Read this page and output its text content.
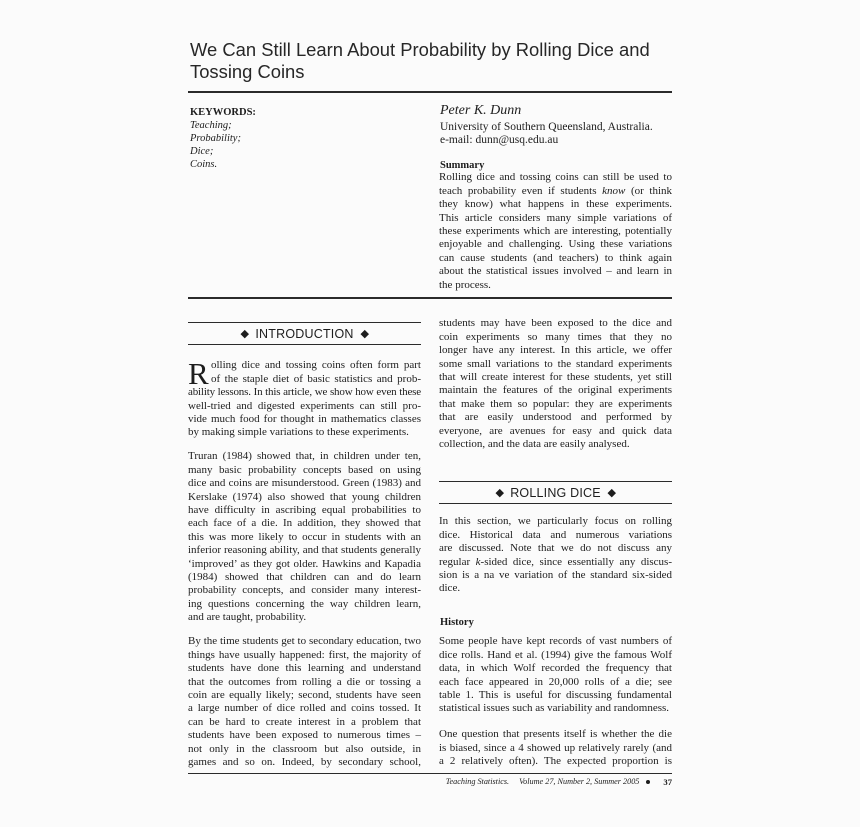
We Can Still Learn About Probability by Rolling Dice and
Tossing Coins
KEYWORDS:
Teaching;
Probability;
Dice;
Coins.
Peter K. Dunn
University of Southern Queensland, Australia.
e-mail: dunn@usq.edu.au
Summary
Rolling dice and tossing coins can still be used to
teach probability even if students know (or think
they know) what happens in these experiments.
This article considers many simple variations of
these experiments which are interesting, potentially
enjoyable and challenging. Using these variations
can cause students (and teachers) to think again
about the statistical issues involved – and learn in
the process.
INTRODUCTION
R olling dice and tossing coins often form part
of the staple diet of basic statistics and prob-
ability lessons. In this article, we show how even these
well-tried and digested experiments can still pro-
vide much food for thought in mathematics classes
by making simple variations to these experiments.
Truran (1984) showed that, in children under ten,
many basic probability concepts based on using
dice and coins are misunderstood. Green (1983) and
Kerslake (1974) also showed that young children
have difficulty in ascribing equal probabilities to
each face of a die. In addition, they showed that
this was more likely to occur in students with an
inferior reasoning ability, and that students generally
‘improved’ as they got older. Hawkins and Kapadia
(1984) showed that children can and do learn
probability concepts, and consider many interest-
ing questions concerning the way children learn,
and are taught, probability.
By the time students get to secondary education, two
things have usually happened: first, the majority of
students have done this learning and understand
that the outcomes from rolling a die or tossing a
coin are equally likely; second, students have seen
a large number of dice rolled and coins tossed. It
can be hard to create interest in a problem that
students have been exposed to numerous times –
not only in the classroom but also outside, in
games and so on. Indeed, by secondary school,
students may have been exposed to the dice and
coin experiments so many times that they no
longer have any interest. In this article, we offer
some small variations to the standard experiments
that will create interest for these students, yet still
maintain the features of the original experiments
that make them so popular: they are experiments
that are easily understood and performed by
everyone, are avenues for easy and quick data
collection, and the data are easily analysed.
ROLLING DICE
In this section, we particularly focus on rolling
dice. Historical data and numerous variations
are discussed. Note that we do not discuss any
regular k-sided dice, since essentially any discus-
sion is a na ve variation of the standard six-sided
dice.
History
Some people have kept records of vast numbers of
dice rolls. Hand et al. (1994) give the famous Wolf
data, in which Wolf recorded the frequency that
each face appeared in 20,000 rolls of a die; see
table 1. This is useful for discussing fundamental
statistical issues such as variability and randomness.
One question that presents itself is whether the die
is biased, since a 4 showed up relatively rarely (and
a 2 relatively often). The expected proportion is
Teaching Statistics. Volume 27, Number 2, Summer 2005	37
